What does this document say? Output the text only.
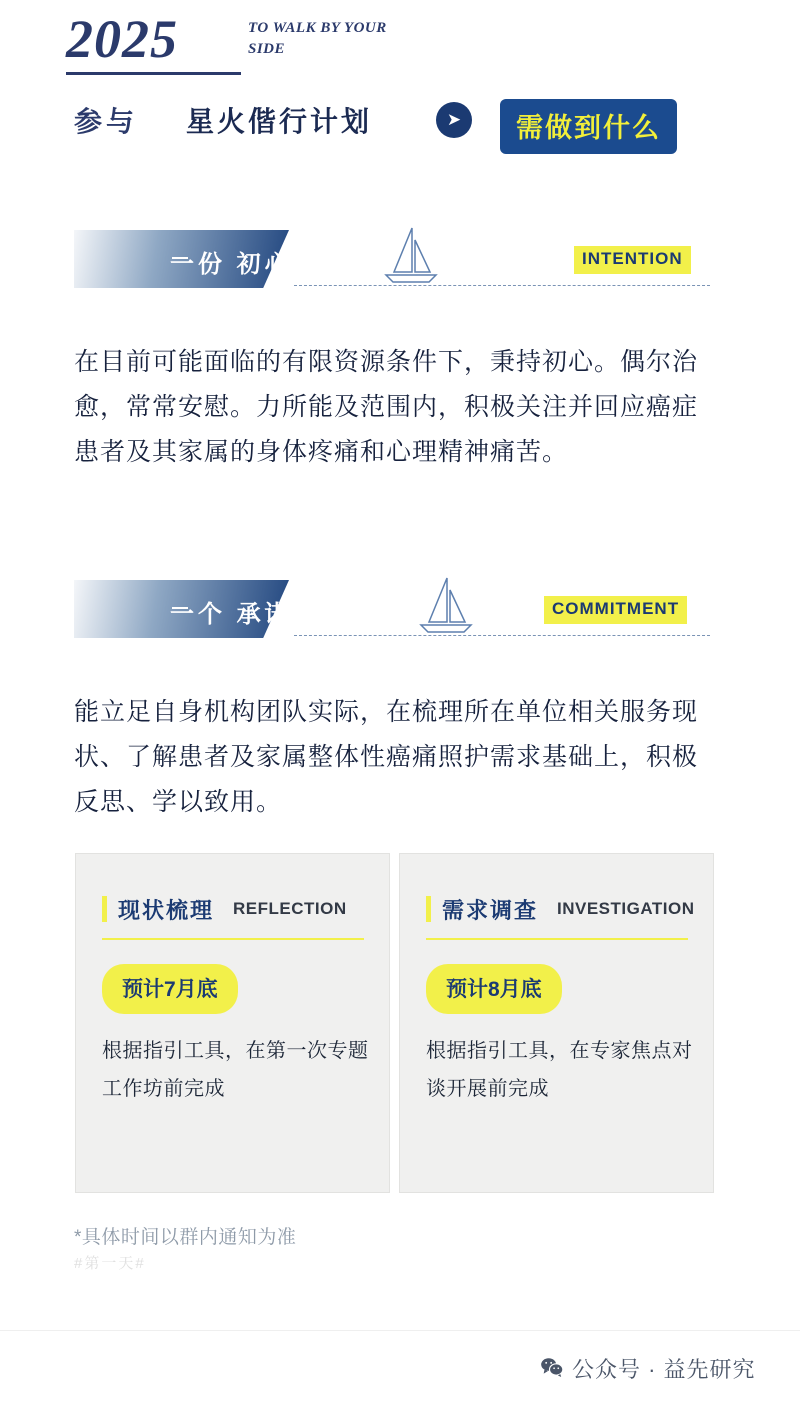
2025	TO WALK BY YOUR SIDE
参与 星火偕行计划	➤	需做到什么
一份 初心	INTENTION
在目前可能面临的有限资源条件下，秉持初心。偶尔治愈，常常安慰。力所能及范围内，积极关注并回应癌症患者及其家属的身体疼痛和心理精神痛苦。
一个 承诺	COMMITMENT
能立足自身机构团队实际，在梳理所在单位相关服务现状、了解患者及家属整体性癌痛照护需求基础上，积极反思、学以致用。
现状梳理 REFLECTION
预计7月底
根据指引工具，在第一次专题工作坊前完成
需求调查 INVESTIGATION
预计8月底
根据指引工具，在专家焦点对谈开展前完成
*具体时间以群内通知为准
#第一天#
公众号 · 益先研究
